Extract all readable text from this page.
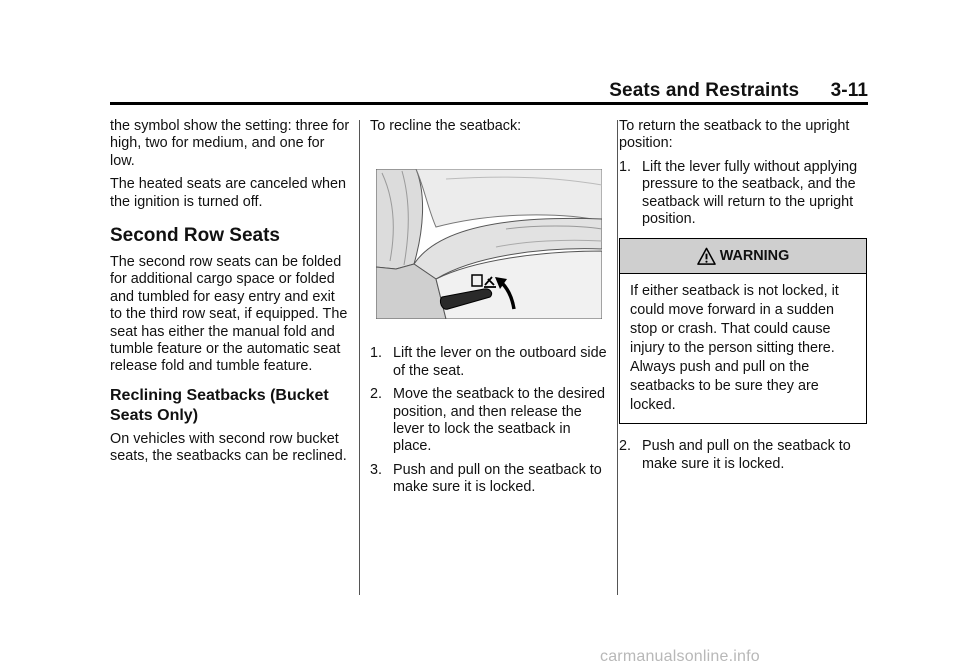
Seats and Restraints 3-11

the symbol show the setting: three for high, two for medium, and one for low.

The heated seats are canceled when the ignition is turned off.

Second Row Seats

The second row seats can be folded for additional cargo space or folded and tumbled for easy entry and exit to the third row seat, if equipped. The seat has either the manual fold and tumble feature or the automatic seat release fold and tumble feature.

Reclining Seatbacks (Bucket Seats Only)

On vehicles with second row bucket seats, the seatbacks can be reclined.

To recline the seatback:

1. Lift the lever on the outboard side of the seat.
2. Move the seatback to the desired position, and then release the lever to lock the seatback in place.
3. Push and pull on the seatback to make sure it is locked.

To return the seatback to the upright position:

1. Lift the lever fully without applying pressure to the seatback, and the seatback will return to the upright position.
WARNING
If either seatback is not locked, it could move forward in a sudden stop or crash. That could cause injury to the person sitting there. Always push and pull on the seatbacks to be sure they are locked.
2. Push and pull on the seatback to make sure it is locked.
carmanualsonline.info
